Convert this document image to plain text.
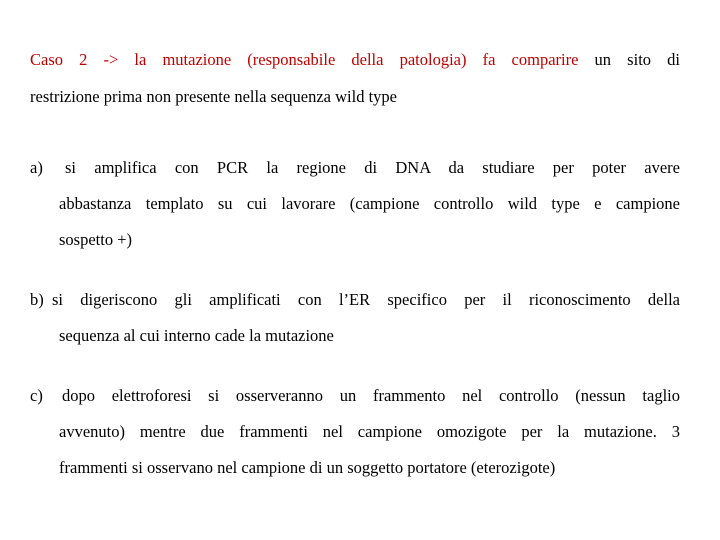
Caso 2 -> la mutazione (responsabile della patologia) fa comparire un sito di
restrizione prima non presente nella sequenza wild type
a) si amplifica con PCR la regione di DNA da studiare per poter avere
abbastanza templato su cui lavorare (campione controllo wild type e campione
sospetto +)
b) si digeriscono gli amplificati con l’ER specifico per il riconoscimento della
sequenza al cui interno cade la mutazione
c) dopo elettroforesi si osserveranno un frammento nel controllo (nessun taglio
avvenuto) mentre due frammenti nel campione omozigote per la mutazione. 3
frammenti si osservano nel campione di un soggetto portatore (eterozigote)
